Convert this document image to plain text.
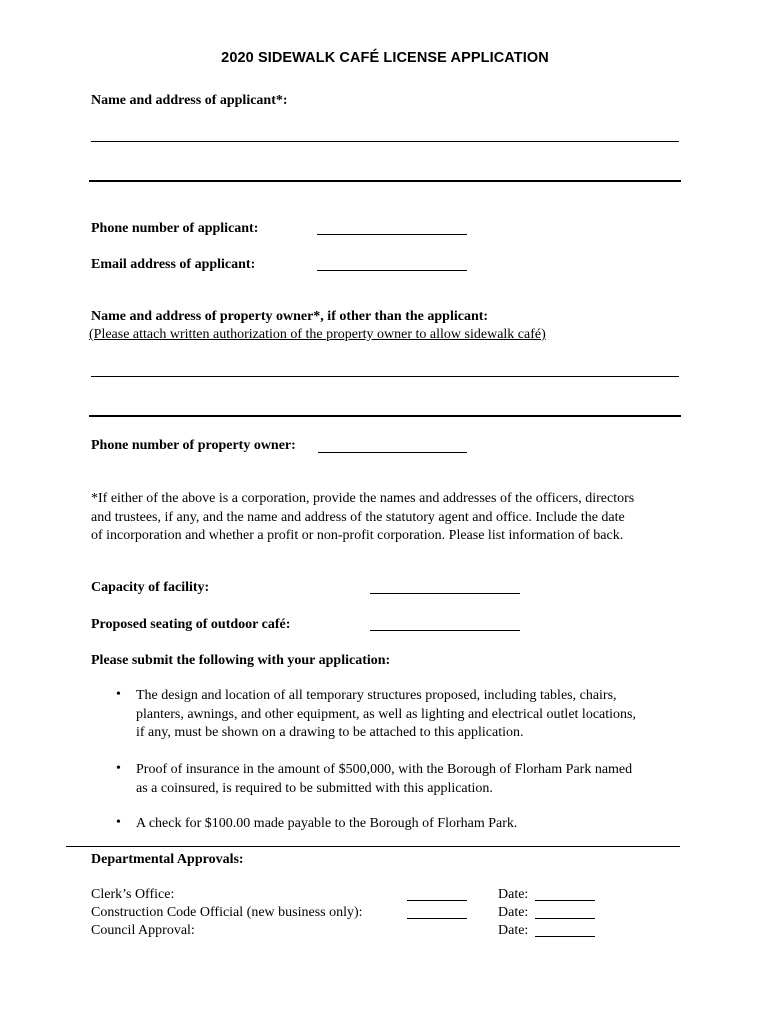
2020 SIDEWALK CAFÉ LICENSE APPLICATION
Name and address of applicant*:
Phone number of applicant:
Email address of applicant:
Name and address of property owner*, if other than the applicant:
(Please attach written authorization of the property owner to allow sidewalk café)
Phone number of property owner:
*If either of the above is a corporation, provide the names and addresses of the officers, directors
and trustees, if any, and the name and address of the statutory agent and office. Include the date
of incorporation and whether a profit or non-profit corporation. Please list information of back.
Capacity of facility:
Proposed seating of outdoor café:
Please submit the following with your application:
• The design and location of all temporary structures proposed, including tables, chairs,
planters, awnings, and other equipment, as well as lighting and electrical outlet locations,
if any, must be shown on a drawing to be attached to this application.
• Proof of insurance in the amount of $500,000, with the Borough of Florham Park named
as a coinsured, is required to be submitted with this application.
• A check for $100.00 made payable to the Borough of Florham Park.
Departmental Approvals:
Clerk’s Office:	Date:
Construction Code Official (new business only):	Date:
Council Approval:	Date:
